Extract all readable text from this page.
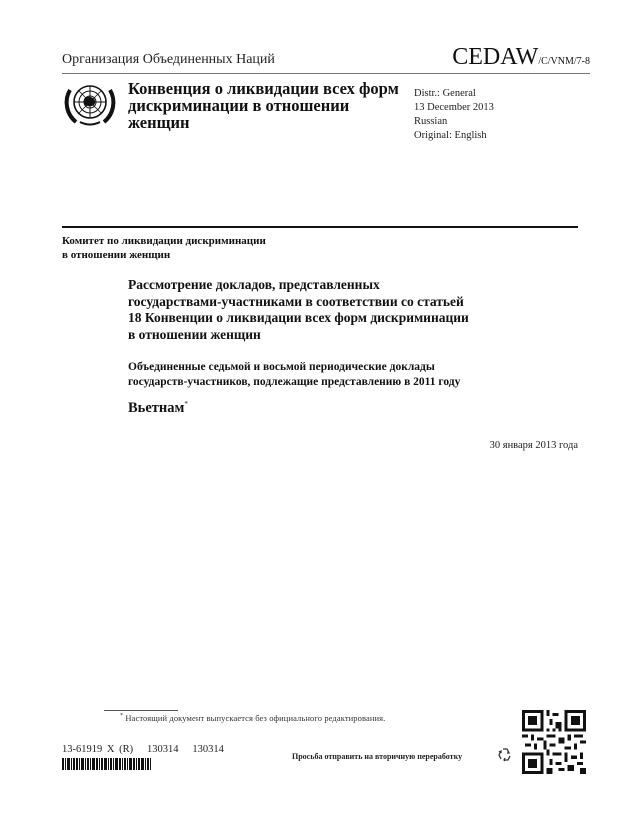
Организация Объединенных Наций	CEDAW/C/VNM/7-8
Конвенция о ликвидации всех форм дискриминации в отношении женщин
Distr.: General
13 December 2013
Russian
Original: English
Комитет по ликвидации дискриминации
в отношении женщин
Рассмотрение докладов, представленных
государствами-участниками в соответствии со статьей
18 Конвенции о ликвидации всех форм дискриминации
в отношении женщин
Объединенные седьмой и восьмой периодические доклады
государств-участников, подлежащие представлению в 2011 году
Вьетнам*
30 января 2013 года
* Настоящий документ выпускается без официального редактирования.
13-61919 X (R)   130314   130314
Просьба отправить на вторичную переработку
